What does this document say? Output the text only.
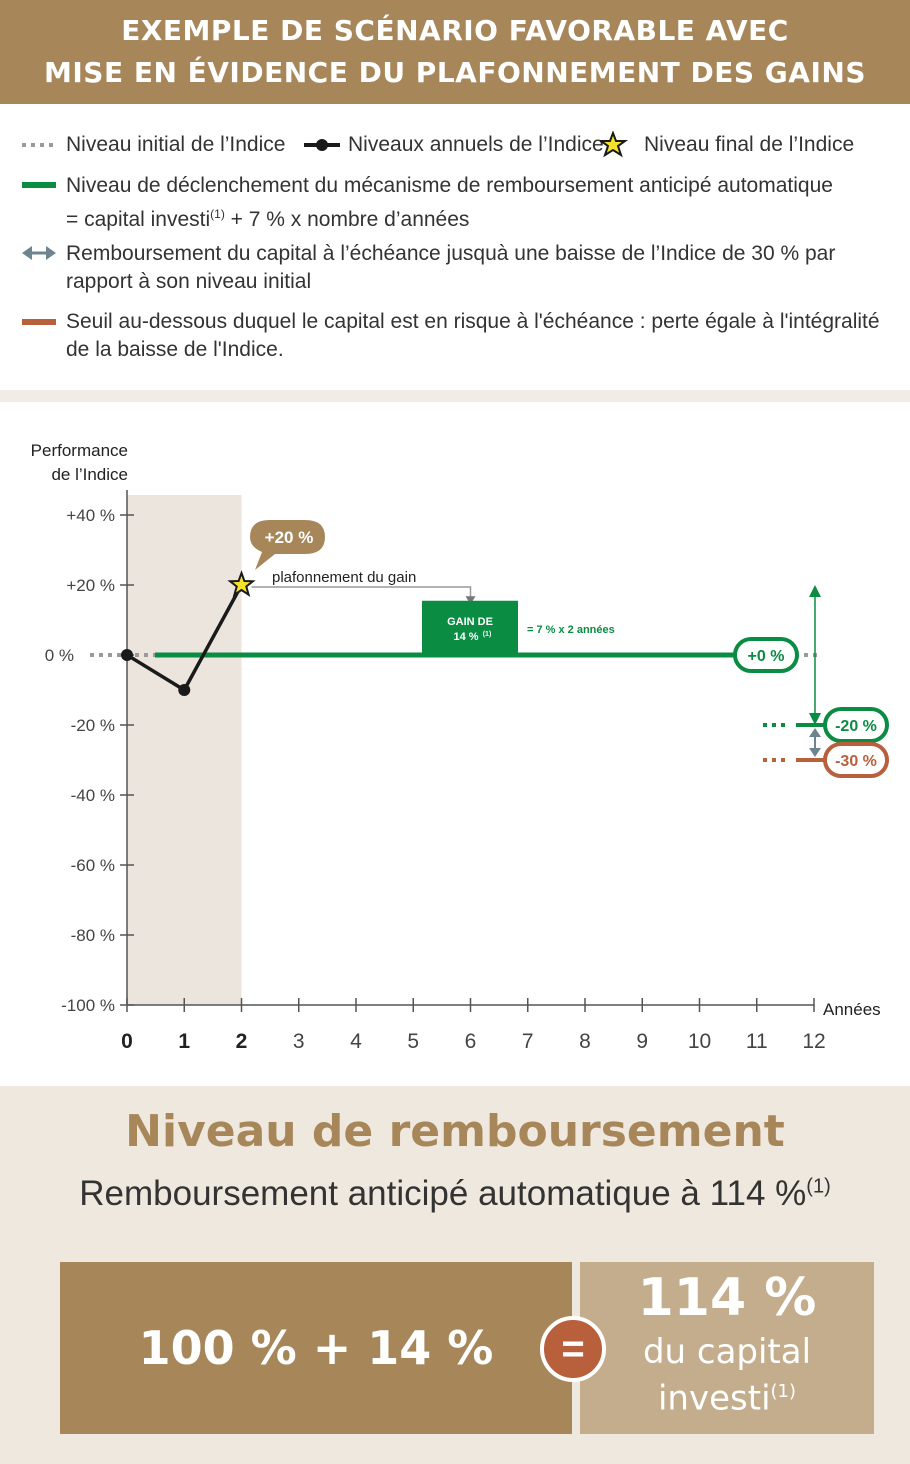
EXEMPLE DE SCÉNARIO FAVORABLE AVEC
MISE EN ÉVIDENCE DU PLAFONNEMENT DES GAINS
Niveau initial de l’Indice	Niveaux annuels de l’Indice Niveau final de l’Indice
Niveau de déclenchement du mécanisme de remboursement anticipé automatique
= capital investi$^{(1)}$ + 7 % x nombre d’années
Remboursement du capital à l’échéance jusquà une baisse de l’Indice de 30 % par rapport à son niveau initial
Seuil au-dessous duquel le capital est en risque à l'échéance : perte égale à l'intégralité de la baisse de l'Indice.
+40 %
+20 %
0 %
-20 %
-40 %
-60 %
-80 %
-100 %
0 1 2 3 4 5 6 7 8 9 10 11 12
Performance
de l’Indice
Années
+0 %
-20 %
-30 %
plafonnement du gain
GAIN DE
14 % (1)	= 7 % x 2 années
+20 %
Niveau de remboursement
Remboursement anticipé automatique à 114 %$^{(1)}$
100 % + 14 %
114 %
du capital
investi$^{(1)}$
=
